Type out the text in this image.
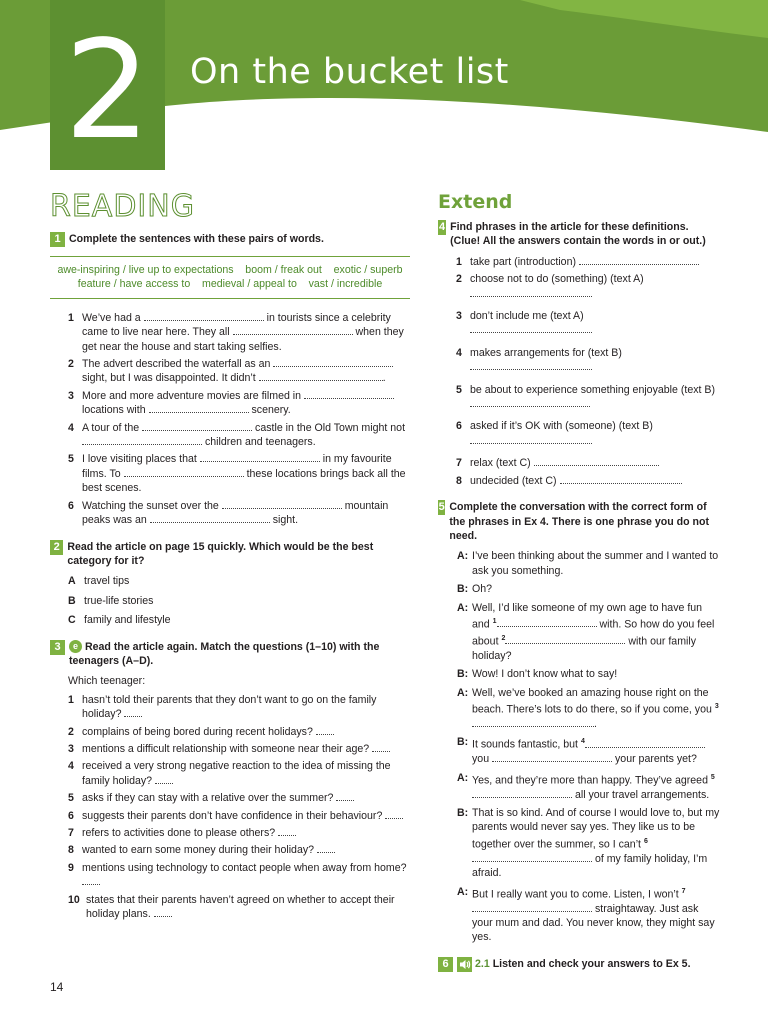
2	On the bucket list
READING
1 Complete the sentences with these pairs of words.
awe-inspiring / live up to expectations    boom / freak out    exotic / superb
feature / have access to    medieval / appeal to    vast / incredible
1 We’ve had a	in tourists since a celebrity came to live near here. They all	when they get near the house and start taking selfies.
2 The advert described the waterfall as an  sight, but I was disappointed. It didn’t	.
3 More and more adventure movies are filmed in  locations with	scenery.
4 A tour of the	castle in the Old Town might not  children and teenagers.
5 I love visiting places that	in my favourite films. To	these locations brings back all the best scenes.
6 Watching the sunset over the	mountain peaks was an	sight.
2 Read the article on page 15 quickly. Which would be the best category for it?
A travel tips
B true-life stories
C family and lifestyle
3	e Read the article again. Match the questions (1–10) with the teenagers (A–D).
Which teenager:
1 hasn’t told their parents that they don’t want to go on the family holiday?
2 complains of being bored during recent holidays?
3 mentions a difficult relationship with someone near their age?
4 received a very strong negative reaction to the idea of missing the family holiday?
5 asks if they can stay with a relative over the summer?
6 suggests their parents don’t have confidence in their behaviour?
7 refers to activities done to please others?
8 wanted to earn some money during their holiday?
9 mentions using technology to contact people when away from home?
10 states that their parents haven’t agreed on whether to accept their holiday plans.
Extend
4 Find phrases in the article for these definitions. (Clue! All the answers contain the words in or out.)
1 take part (introduction)
2 choose not to do (something) (text A)

3 don’t include me (text A)

4 makes arrangements for (text B)

5 be about to experience something enjoyable (text B)
6 asked if it’s OK with (someone) (text B)

7 relax (text C)
8 undecided (text C)
5 Complete the conversation with the correct form of the phrases in Ex 4. There is one phrase you do not need.
A: I’ve been thinking about the summer and I wanted to ask you something.
B: Oh?
A: Well, I’d like someone of my own age to have fun and $^1$	with. So how do you feel about $^2$	with our family holiday?
B: Wow! I don’t know what to say!
A: Well, we’ve booked an amazing house right on the beach. There’s lots to do there, so if you come, you $^3$.
B: It sounds fantastic, but $^4$ you	your parents yet?
A: Yes, and they’re more than happy. They’ve agreed $^5$ all your travel arrangements.
B: That is so kind. And of course I would love to, but my parents would never say yes. They like us to be together over the summer, so I can’t $^6$ of my family holiday, I’m afraid.
A: But I really want you to come. Listen, I won’t $^7$ straightaway. Just ask your mum and dad. You never know, they might say yes.
6 2.1 Listen and check your answers to Ex 5.
14
